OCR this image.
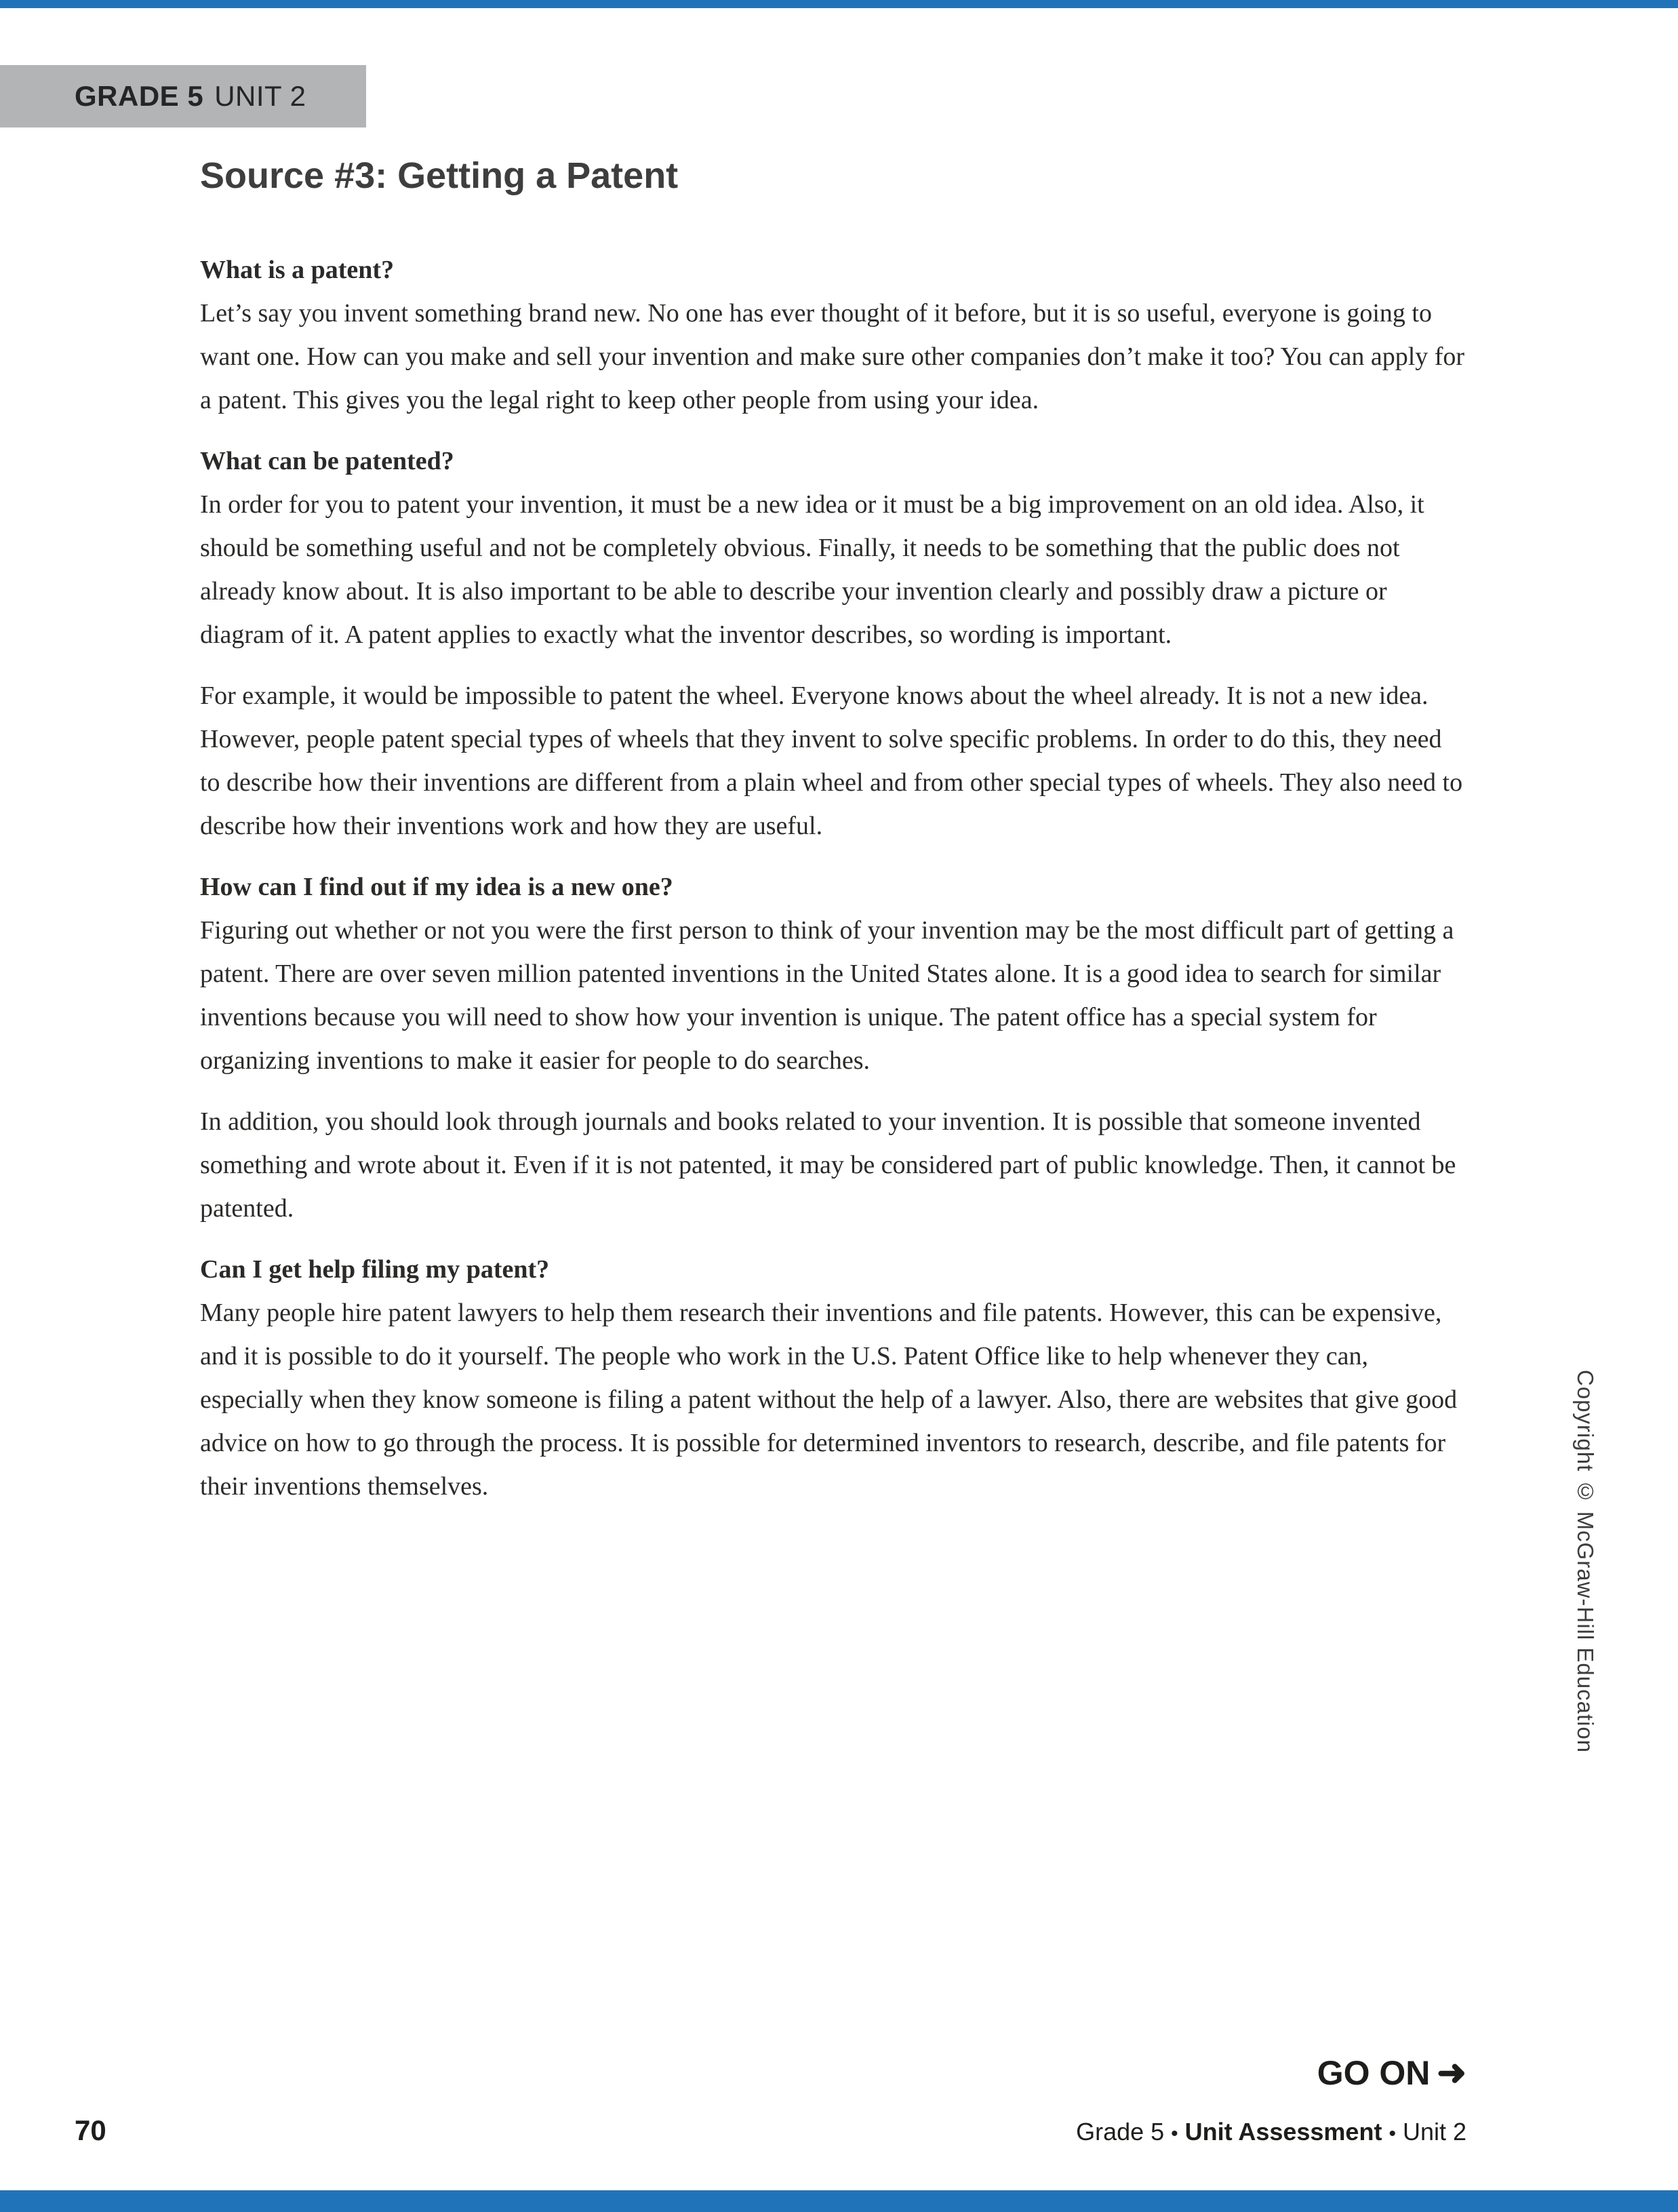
GRADE 5 UNIT 2
Source #3: Getting a Patent
What is a patent?

Let’s say you invent something brand new. No one has ever thought of it before, but it is so useful, everyone is going to want one. How can you make and sell your invention and make sure other companies don’t make it too? You can apply for a patent. This gives you the legal right to keep other people from using your idea.

What can be patented?

In order for you to patent your invention, it must be a new idea or it must be a big improvement on an old idea. Also, it should be something useful and not be completely obvious. Finally, it needs to be something that the public does not already know about. It is also important to be able to describe your invention clearly and possibly draw a picture or diagram of it. A patent applies to exactly what the inventor describes, so wording is important.

For example, it would be impossible to patent the wheel. Everyone knows about the wheel already. It is not a new idea. However, people patent special types of wheels that they invent to solve specific problems. In order to do this, they need to describe how their inventions are different from a plain wheel and from other special types of wheels. They also need to describe how their inventions work and how they are useful.

How can I find out if my idea is a new one?

Figuring out whether or not you were the first person to think of your invention may be the most difficult part of getting a patent. There are over seven million patented inventions in the United States alone. It is a good idea to search for similar inventions because you will need to show how your invention is unique. The patent office has a special system for organizing inventions to make it easier for people to do searches.

In addition, you should look through journals and books related to your invention. It is possible that someone invented something and wrote about it. Even if it is not patented, it may be considered part of public knowledge. Then, it cannot be patented.

Can I get help filing my patent?

Many people hire patent lawyers to help them research their inventions and file patents. However, this can be expensive, and it is possible to do it yourself. The people who work in the U.S. Patent Office like to help whenever they can, especially when they know someone is filing a patent without the help of a lawyer. Also, there are websites that give good advice on how to go through the process. It is possible for determined inventors to research, describe, and file patents for their inventions themselves.	Copyright © McGraw-Hill Education
GO ON ➜
70	Grade 5 • Unit Assessment • Unit 2
